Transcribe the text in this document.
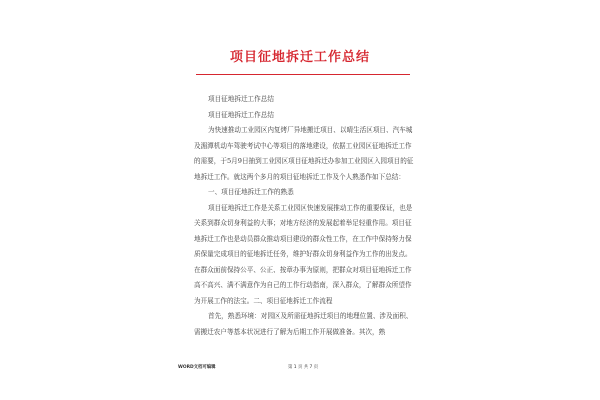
项目征地拆迁工作总结

项目征地拆迁工作总结

项目征地拆迁工作总结

为快速推动工业园区内复烤厂异地搬迁项目、以晴生活区项目、汽车城及湄潭机动车驾驶考试中心等项目的落地建设，依据工业园区征地拆迁工作的需要，于5月9日抽到工业园区项目征地拆迁办参加工业园区入园项目的征地拆迁工作。就这两个多月的项目征地拆迁工作及个人熟悉作如下总结：

一、项目征地拆迁工作的熟悉

项目征地拆迁工作是关系工业园区快速发展推动工作的重要保证，也是关系到群众切身利益的大事；对地方经济的发展起着举足轻重作用。项目征地拆迁工作也是动员群众推动项目建设的群众性工作，在工作中保持努力保质保量完成项目的征地拆迁任务，维护好群众切身利益作为工作的出发点。在群众面前保持公平、公正、按章办事为原则，把群众对项目征地拆迁工作高不高兴、满不满意作为自己的工作行动指南，深入群众，了解群众所望作为开展工作的法宝。二、项目征地拆迁工作流程

首先，熟悉环境：对园区及所需征地拆迁项目的地理位置、涉及面积、需搬迁农户等基本状况进行了解为后期工作开展做准备。其次，熟

WORD文档可编辑	第 1 页 共 7 页
